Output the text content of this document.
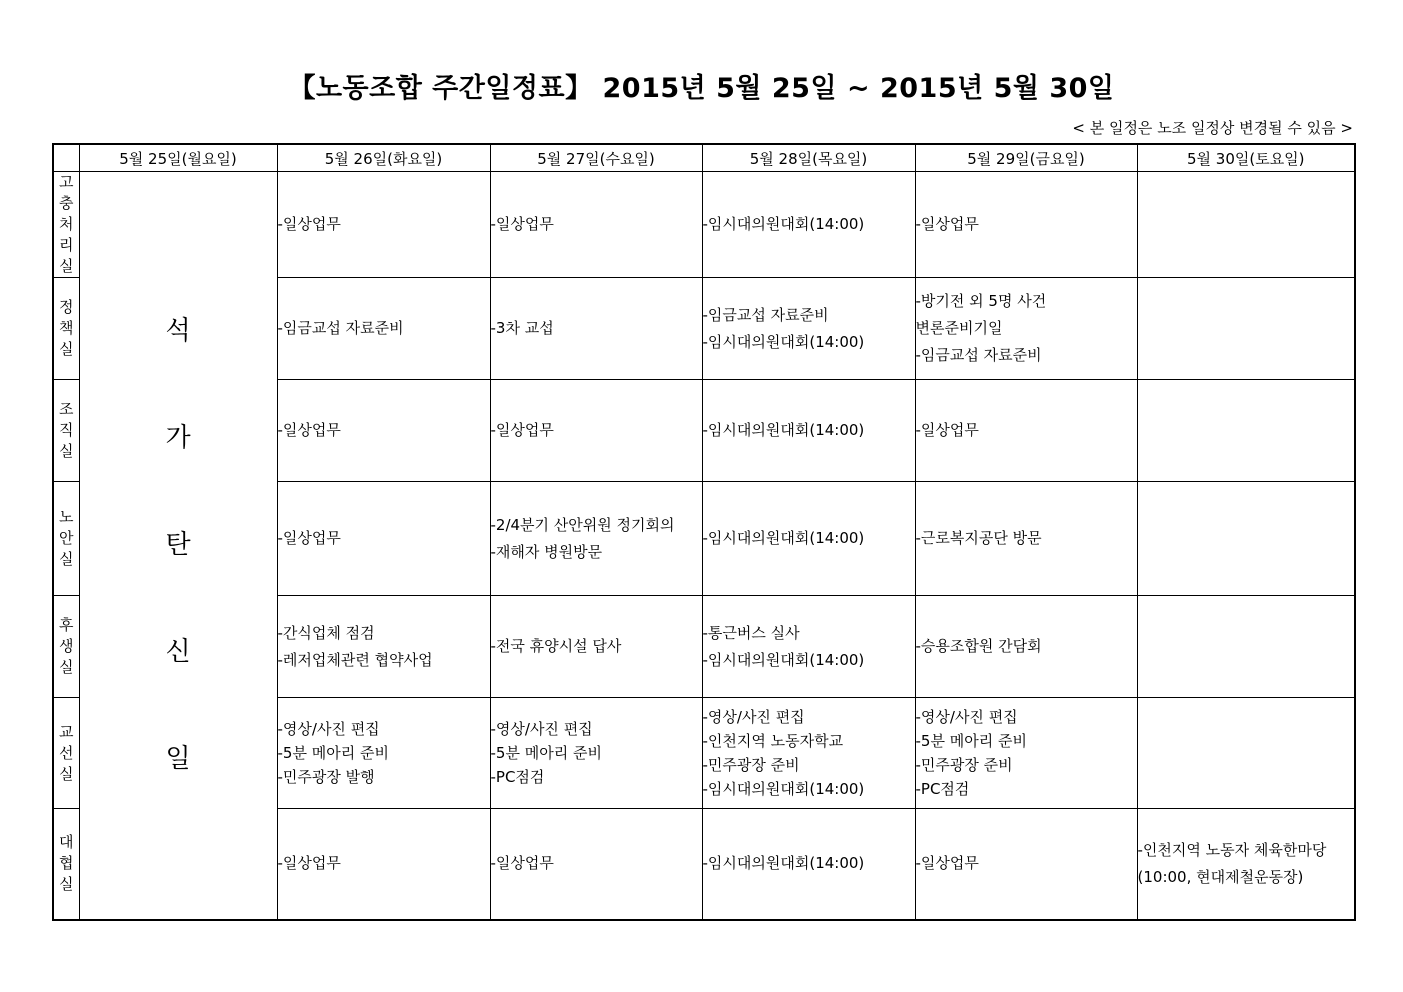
【노동조합 주간일정표】 2015년 5월 25일 ~ 2015년 5월 30일
< 본 일정은 노조 일정상 변경될 수 있음 >
	5월 25일(월요일)	5월 26일(화요일)	5월 27일(수요일)	5월 28일(목요일)	5월 29일(금요일)	5월 30일(토요일)
고충처리실	석
가
탄
신
일	-일상업무	-일상업무	-임시대의원대회(14:00)	-일상업무	

정책실		-임금교섭 자료준비	-3차 교섭	-임금교섭 자료준비
-임시대의원대회(14:00)	-방기전 외 5명 사건
변론준비기일
-임금교섭 자료준비	

조직실		-일상업무	-일상업무	-임시대의원대회(14:00)	-일상업무	

노안실		-일상업무	-2/4분기 산안위원 정기회의
-재해자 병원방문	-임시대의원대회(14:00)	-근로복지공단 방문	

후생실		-간식업체 점검
-레저업체관련 협약사업	-전국 휴양시설 답사	-통근버스 실사
-임시대의원대회(14:00)	-승용조합원 간담회	

교선실		-영상/사진 편집
-5분 메아리 준비
-민주광장 발행	-영상/사진 편집
-5분 메아리 준비
-PC점검	-영상/사진 편집
-인천지역 노동자학교
-민주광장 준비
-임시대의원대회(14:00)	-영상/사진 편집
-5분 메아리 준비
-민주광장 준비
-PC점검	

대협실		-일상업무	-일상업무	-임시대의원대회(14:00)	-일상업무	-인천지역 노동자 체육한마당
(10:00, 현대제철운동장)
